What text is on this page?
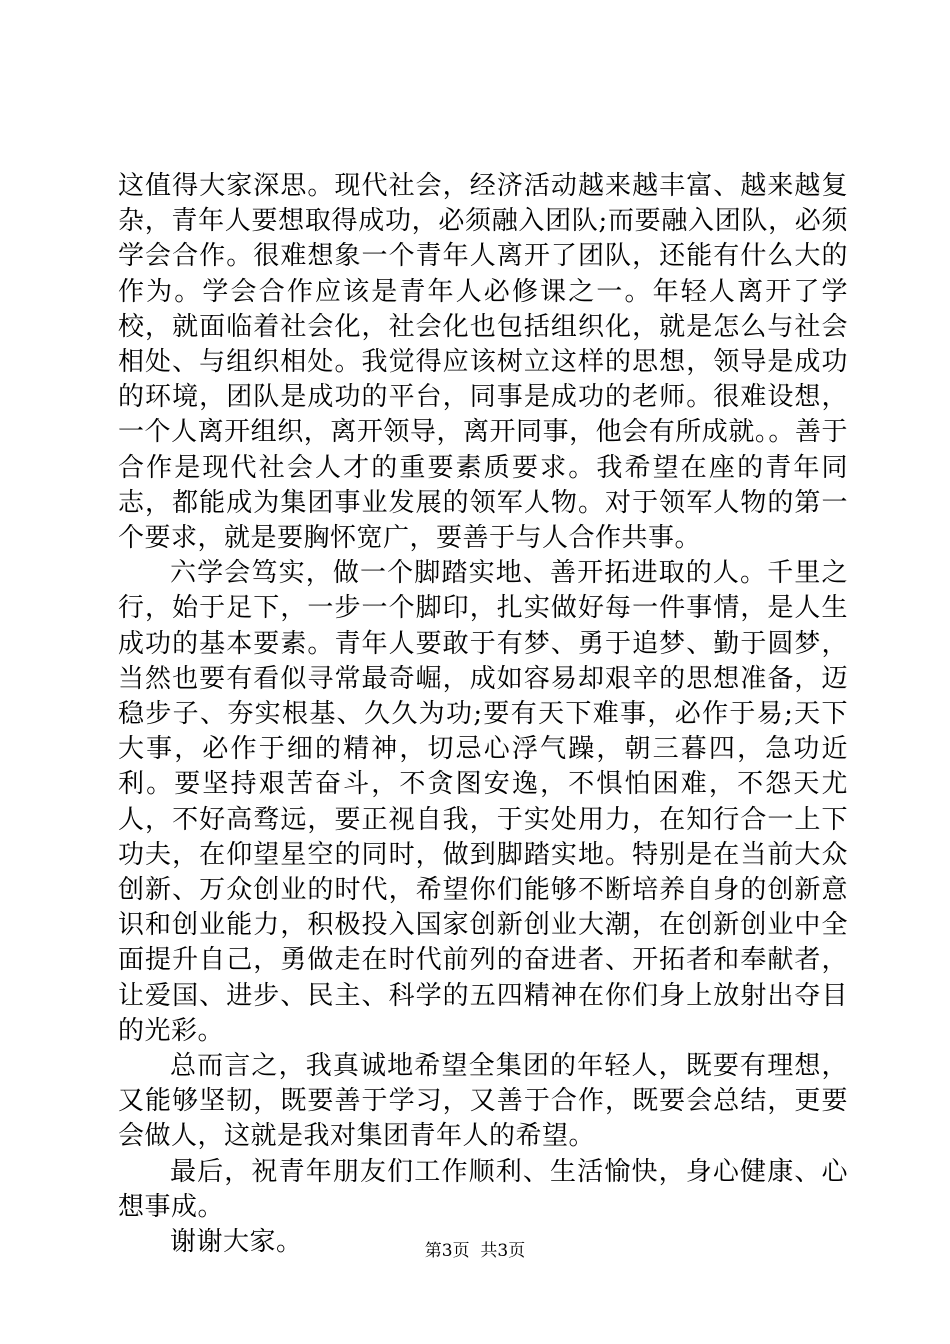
这值得大家深思。现代社会，经济活动越来越丰富、越来越复杂，青年人要想取得成功，必须融入团队;而要融入团队，必须学会合作。很难想象一个青年人离开了团队，还能有什么大的作为。学会合作应该是青年人必修课之一。年轻人离开了学校，就面临着社会化，社会化也包括组织化，就是怎么与社会相处、与组织相处。我觉得应该树立这样的思想，领导是成功的环境，团队是成功的平台，同事是成功的老师。很难设想，一个人离开组织，离开领导，离开同事，他会有所成就。。善于合作是现代社会人才的重要素质要求。我希望在座的青年同志，都能成为集团事业发展的领军人物。对于领军人物的第一个要求，就是要胸怀宽广，要善于与人合作共事。

六学会笃实，做一个脚踏实地、善开拓进取的人。千里之行，始于足下，一步一个脚印，扎实做好每一件事情，是人生成功的基本要素。青年人要敢于有梦、勇于追梦、勤于圆梦，当然也要有看似寻常最奇崛，成如容易却艰辛的思想准备，迈稳步子、夯实根基、久久为功;要有天下难事，必作于易;天下大事，必作于细的精神，切忌心浮气躁，朝三暮四，急功近利。要坚持艰苦奋斗，不贪图安逸，不惧怕困难，不怨天尤人，不好高骛远，要正视自我，于实处用力，在知行合一上下功夫，在仰望星空的同时，做到脚踏实地。特别是在当前大众创新、万众创业的时代，希望你们能够不断培养自身的创新意识和创业能力，积极投入国家创新创业大潮，在创新创业中全面提升自己，勇做走在时代前列的奋进者、开拓者和奉献者，让爱国、进步、民主、科学的五四精神在你们身上放射出夺目的光彩。

总而言之，我真诚地希望全集团的年轻人，既要有理想，又能够坚韧，既要善于学习，又善于合作，既要会总结，更要会做人，这就是我对集团青年人的希望。

最后，祝青年朋友们工作顺利、生活愉快，身心健康、心想事成。

谢谢大家。	第3页  共3页
